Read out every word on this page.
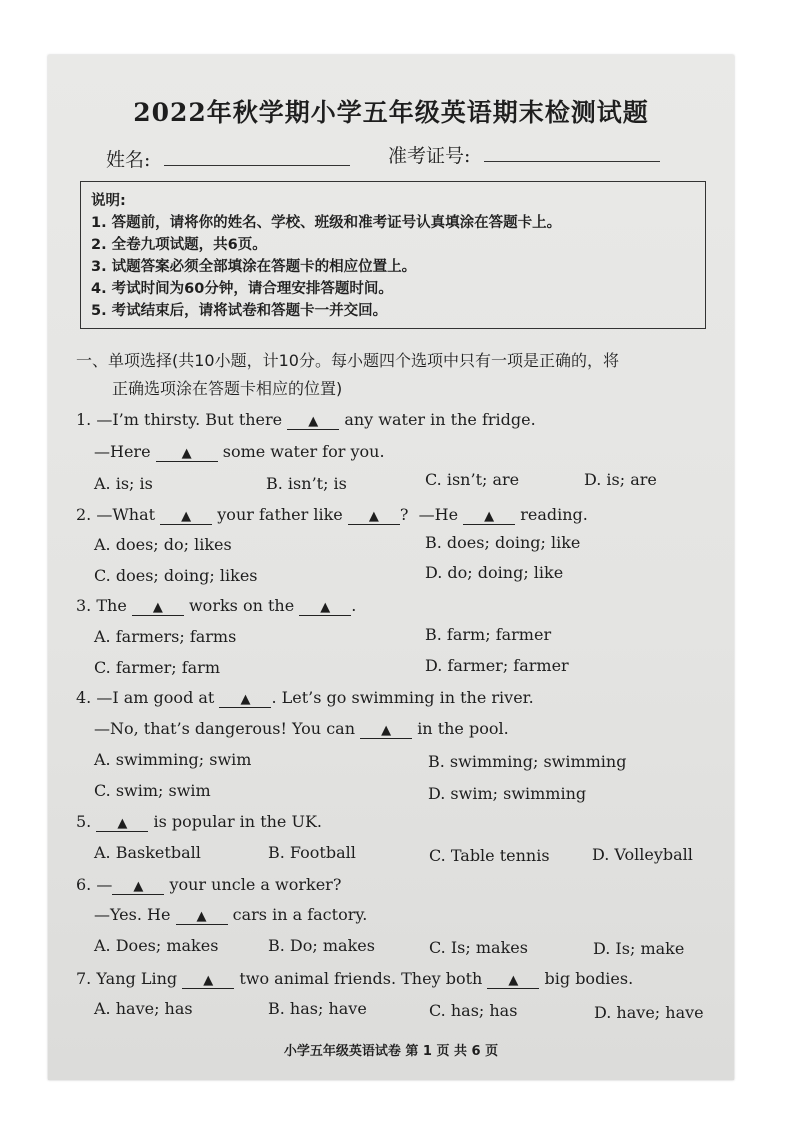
2022年秋学期小学五年级英语期末检测试题
姓名:	准考证号:
说明:
1. 答题前，请将你的姓名、学校、班级和准考证号认真填涂在答题卡上。
2. 全卷九项试题，共6页。
3. 试题答案必须全部填涂在答题卡的相应位置上。
4. 考试时间为60分钟，请合理安排答题时间。
5. 考试结束后，请将试卷和答题卡一并交回。
一、单项选择(共10小题，计10分。每小题四个选项中只有一项是正确的，将
正确选项涂在答题卡相应的位置)
1. —I’m thirsty. But there ▲ any water in the fridge.
—Here ▲ some water for you.
A. is; is	B. isn’t; is	C. isn’t; are	D. is; are
2. —What ▲ your father like ▲ ? —He ▲ reading.
A. does; do; likes	B. does; doing; like
C. does; doing; likes	D. do; doing; like
3. The ▲ works on the ▲ .
A. farmers; farms	B. farm; farmer
C. farmer; farm	D. farmer; farmer
4. —I am good at ▲ . Let’s go swimming in the river.
—No, that’s dangerous! You can ▲ in the pool.
A. swimming; swim	B. swimming; swimming
C. swim; swim	D. swim; swimming
5. ▲ is popular in the UK.
A. Basketball	B. Football	C. Table tennis	D. Volleyball
6. — ▲ your uncle a worker?
—Yes. He ▲ cars in a factory.
A. Does; makes	B. Do; makes	C. Is; makes	D. Is; make
7. Yang Ling ▲ two animal friends. They both ▲ big bodies.
A. have; has	B. has; have	C. has; has	D. have; have
小学五年级英语试卷 第 1 页 共 6 页
